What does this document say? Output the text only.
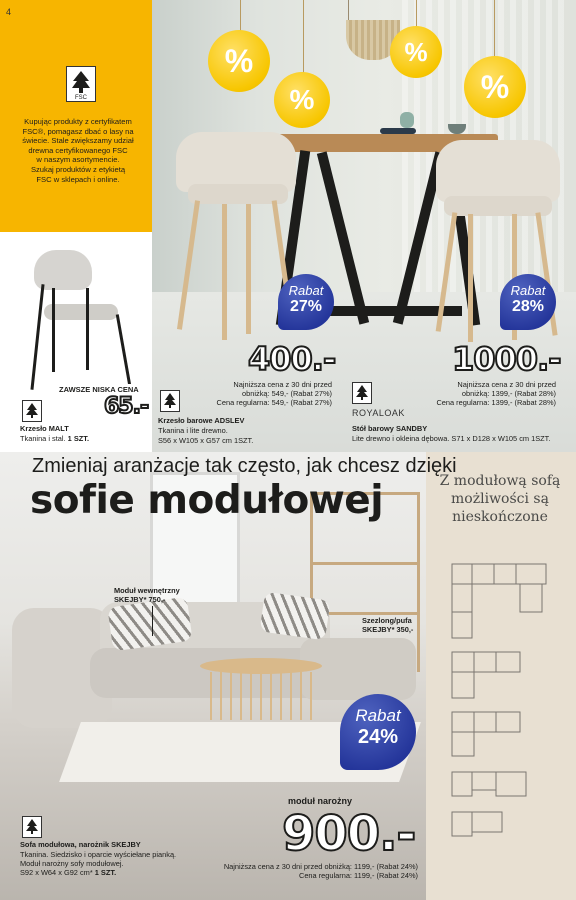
%
%
%
%
4
FSC
Kupując produkty z certyfikatem
FSC®, pomagasz dbać o lasy na
świecie. Stale zwiększamy udział
drewna certyfikowanego FSC
w naszym asortymencie.
Szukaj produktów z etykietą
FSC w sklepach i online.
ZAWSZE NISKA CENA
65.-
Krzesło MALT
Tkanina i stal. 1 SZT.
Rabat
27%
400.-
Najniższa cena z 30 dni przed
obniżką: 549,- (Rabat 27%)
Cena regularna: 549,- (Rabat 27%)
Krzesło barowe ADSLEV
Tkanina i lite drewno.
S56 x W105 x G57 cm 1SZT.
Rabat
28%
1000.-
Najniższa cena z 30 dni przed
obniżką: 1399,- (Rabat 28%)
Cena regularna: 1399,- (Rabat 28%)
ROYALOAK
Stół barowy SANDBY
Lite drewno i okleina dębowa. S71 x D128 x W105 cm 1SZT.
Z modułową sofą możliwości są nieskończone
Zmieniaj aranżacje tak często, jak chcesz dzięki
sofie modułowej
Moduł wewnętrzny
SKEJBY* 750,-
Szezlong/pufa
SKEJBY* 350,-
Rabat
24%
moduł narożny
900.-
Najniższa cena z 30 dni przed obniżką: 1199,- (Rabat 24%)
Cena regularna: 1199,- (Rabat 24%)
Sofa modułowa, narożnik SKEJBY
Tkanina. Siedzisko i oparcie wyściełane pianką.
Moduł narożny sofy modułowej.
S92 x W64 x G92 cm* 1 SZT.
